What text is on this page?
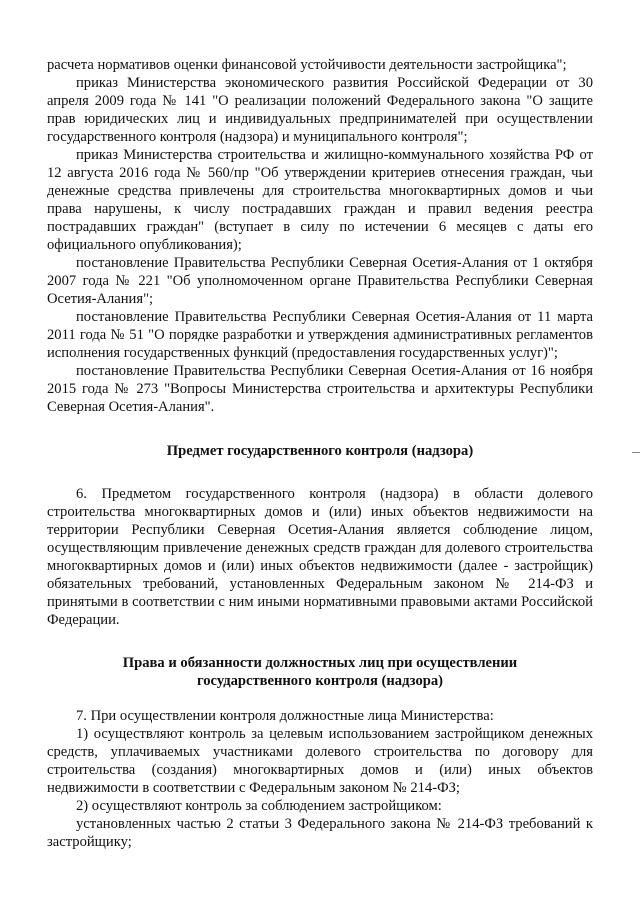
расчета нормативов оценки финансовой устойчивости деятельности застройщика";

приказ Министерства экономического развития Российской Федерации от 30 апреля 2009 года № 141 "О реализации положений Федерального закона "О защите прав юридических лиц и индивидуальных предпринимателей при осуществлении государственного контроля (надзора) и муниципального контроля";

приказ Министерства строительства и жилищно-коммунального хозяйства РФ от 12 августа 2016 года № 560/пр "Об утверждении критериев отнесения граждан, чьи денежные средства привлечены для строительства многоквартирных домов и чьи права нарушены, к числу пострадавших граждан и правил ведения реестра пострадавших граждан" (вступает в силу по истечении 6 месяцев с даты его официального опубликования);

постановление Правительства Республики Северная Осетия-Алания от 1 октября 2007 года № 221 "Об уполномоченном органе Правительства Республики Северная Осетия-Алания";

постановление Правительства Республики Северная Осетия-Алания от 11 марта 2011 года № 51 "О порядке разработки и утверждения административных регламентов исполнения государственных функций (предоставления государственных услуг)";

постановление Правительства Республики Северная Осетия-Алания от 16 ноября 2015 года № 273 "Вопросы Министерства строительства и архитектуры Республики Северная Осетия-Алания".

Предмет государственного контроля (надзора)

6. Предметом государственного контроля (надзора) в области долевого строительства многоквартирных домов и (или) иных объектов недвижимости на территории Республики Северная Осетия-Алания является соблюдение лицом, осуществляющим привлечение денежных средств граждан для долевого строительства многоквартирных домов и (или) иных объектов недвижимости (далее - застройщик) обязательных требований, установленных Федеральным законом № 214-ФЗ и принятыми в соответствии с ним иными нормативными правовыми актами Российской Федерации.

Права и обязанности должностных лиц при осуществлении

государственного контроля (надзора)

7. При осуществлении контроля должностные лица Министерства:

1) осуществляют контроль за целевым использованием застройщиком денежных средств, уплачиваемых участниками долевого строительства по договору для строительства (создания) многоквартирных домов и (или) иных объектов недвижимости в соответствии с Федеральным законом № 214-ФЗ;

2) осуществляют контроль за соблюдением застройщиком:

установленных частью 2 статьи 3 Федерального закона № 214-ФЗ требований к застройщику;
